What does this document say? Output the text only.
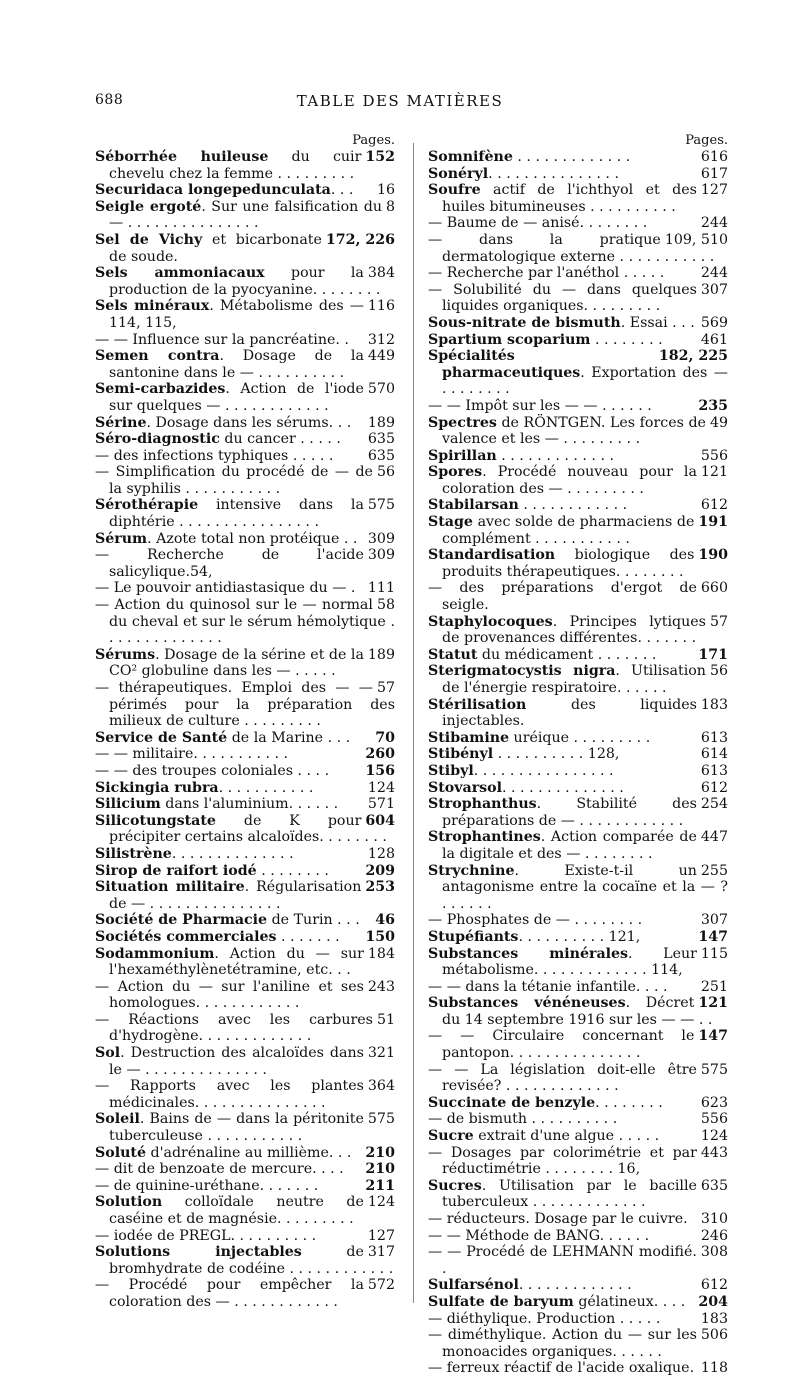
688	TABLE DES MATIÈRES
Pages.

152
Séborrhée huileuse du cuir chevelu chez la femme . . . . . . . . .

16
Securidaca longepedunculata. . .

8
Seigle ergoté. Sur une falsification du — . . . . . . . . . . . . . . .

172, 226
Sel de Vichy et bicarbonate de soude.

384
Sels ammoniacaux pour la production de la pyocyanine. . . . . . . .

116
Sels minéraux. Métabolisme des — 114, 115,

312
— — Influence sur la pancréatine. .

449
Semen contra. Dosage de la santonine dans le — . . . . . . . . . .

570
Semi-carbazides. Action de l'iode sur quelques — . . . . . . . . . . . .

189
Sérine. Dosage dans les sérums. . .

635
Séro-diagnostic du cancer . . . . .

635
— des infections typhiques . . . . .

56
— Simplification du procédé de — de la syphilis . . . . . . . . . . .

575
Sérothérapie intensive dans la diphtérie . . . . . . . . . . . . . . . .

309
Sérum. Azote total non protéique . .

309
— Recherche de l'acide salicylique.54,

111
— Le pouvoir antidiastasique du — .

58
— Action du quinosol sur le — normal du cheval et sur le sérum hémolytique . . . . . . . . . . . . . .

189
Sérums. Dosage de la sérine et de la CO² globuline dans les — . . . . .

57
— thérapeutiques. Emploi des — — périmés pour la préparation des milieux de culture . . . . . . . . .

70
Service de Santé de la Marine . . .

260
— — militaire. . . . . . . . . . .

156
— — des troupes coloniales . . . .

124
Sickingia rubra. . . . . . . . . . .

571
Silicium dans l'aluminium. . . . . .

604
Silicotungstate de K pour précipiter certains alcaloïdes. . . . . . . .

128
Silistrène. . . . . . . . . . . . . .

209
Sirop de raifort iodé . . . . . . . .

253
Situation militaire. Régularisation de — . . . . . . . . . . . . . . .

46
Société de Pharmacie de Turin . . .

150
Sociétés commerciales . . . . . . .

184
Sodammonium. Action du — sur l'hexaméthylènetétramine, etc. . .

243
— Action du — sur l'aniline et ses homologues. . . . . . . . . . . .

51
— Réactions avec les carbures d'hydrogène. . . . . . . . . . . . .

321
Sol. Destruction des alcaloïdes dans le — . . . . . . . . . . . . . .

364
— Rapports avec les plantes médicinales. . . . . . . . . . . . . . .

575
Soleil. Bains de — dans la péritonite tuberculeuse . . . . . . . . . . .

210
Soluté d'adrénaline au millième. . .

210
— dit de benzoate de mercure. . . .

211
— de quinine-uréthane. . . . . . .

124
Solution colloïdale neutre de caséine et de magnésie. . . . . . . . .

127
— iodée de PREGL. . . . . . . . . .

317
Solutions injectables de bromhydrate de codéine . . . . . . . . . . . .

572
— Procédé pour empêcher la coloration des — . . . . . . . . . . . .

Pages.

616
Somnifène . . . . . . . . . . . . .

617
Sonéryl. . . . . . . . . . . . . . .

127
Soufre actif de l'ichthyol et des huiles bitumineuses . . . . . . . . . .

244
— Baume de — anisé. . . . . . . .

109, 510
— dans la pratique dermatologique externe . . . . . . . . . . .

244
— Recherche par l'anéthol . . . . .

307
— Solubilité du — dans quelques liquides organiques. . . . . . . . .

569
Sous-nitrate de bismuth. Essai . . .

461
Spartium scoparium . . . . . . . .

182, 225
Spécialités pharmaceutiques. Exportation des — . . . . . . . .

235
— — Impôt sur les — — . . . . . .

49
Spectres de RÖNTGEN. Les forces de valence et les — . . . . . . . . .

556
Spirillan . . . . . . . . . . . . .

121
Spores. Procédé nouveau pour la coloration des — . . . . . . . . .

612
Stabilarsan . . . . . . . . . . . .

191
Stage avec solde de pharmaciens de complément . . . . . . . . . . .

190
Standardisation biologique des produits thérapeutiques. . . . . . . .

660
— des préparations d'ergot de seigle.

57
Staphylocoques. Principes lytiques de provenances différentes. . . . . . .

171
Statut du médicament . . . . . . .

56
Sterigmatocystis nigra. Utilisation de l'énergie respiratoire. . . . . .

183
Stérilisation des liquides injectables.

613
Stibamine uréique . . . . . . . . .

614
Stibényl . . . . . . . . . . 128,

613
Stibyl. . . . . . . . . . . . . . . .

612
Stovarsol. . . . . . . . . . . . . .

254
Strophanthus. Stabilité des préparations de — . . . . . . . . . . . .

447
Strophantines. Action comparée de la digitale et des — . . . . . . . .

255
Strychnine. Existe-t-il un antagonisme entre la cocaïne et la — ? . . . . . .

307
— Phosphates de — . . . . . . . .

147
Stupéfiants. . . . . . . . . . 121,

115
Substances minérales. Leur métabolisme. . . . . . . . . . . . . 114,

251
— — dans la tétanie infantile. . . .

121
Substances vénéneuses. Décret du 14 septembre 1916 sur les — — . .

147
— — Circulaire concernant le pantopon. . . . . . . . . . . . . . .

575
— — La législation doit-elle être revisée? . . . . . . . . . . . . .

623
Succinate de benzyle. . . . . . . .

556
— de bismuth . . . . . . . . . .

124
Sucre extrait d'une algue . . . . .

443
— Dosages par colorimétrie et par réductimétrie . . . . . . . . 16,

635
Sucres. Utilisation par le bacille tuberculeux . . . . . . . . . . . . .

310
— réducteurs. Dosage par le cuivre.

246
— — Méthode de BANG. . . . . .

308
— — Procédé de LEHMANN modifié. .

612
Sulfarsénol. . . . . . . . . . . . .

204
Sulfate de baryum gélatineux. . . .

183
— diéthylique. Production . . . . .

506
— diméthylique. Action du — sur les monoacides organiques. . . . . .

118
— ferreux réactif de l'acide oxalique.
